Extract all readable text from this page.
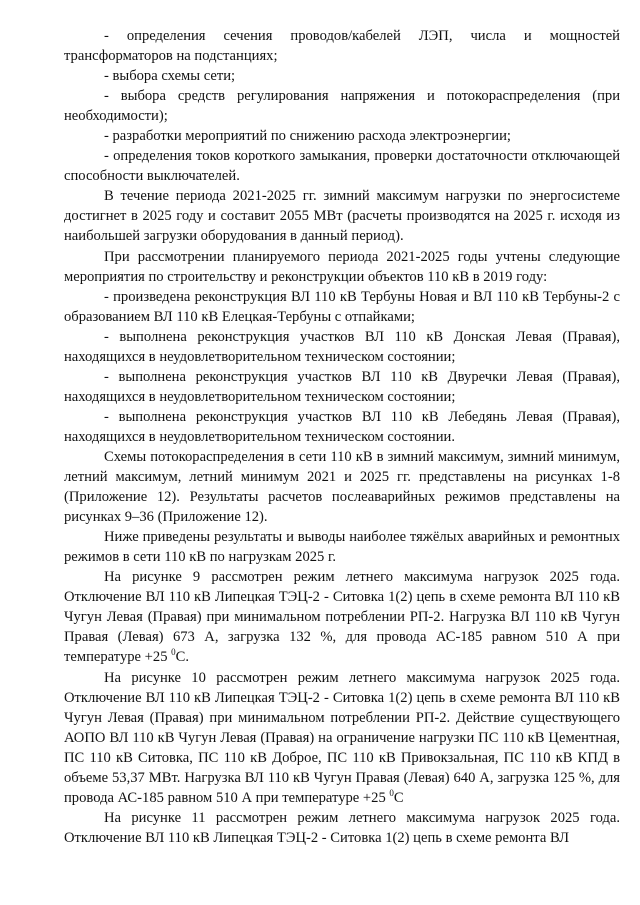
- определения сечения проводов/кабелей ЛЭП, числа и мощностей трансформаторов на подстанциях;

- выбора схемы сети;

- выбора средств регулирования напряжения и потокораспределения (при необходимости);

- разработки мероприятий по снижению расхода электроэнергии;

- определения токов короткого замыкания, проверки достаточности отключающей способности выключателей.

В течение периода 2021-2025 гг. зимний максимум нагрузки по энергосистеме достигнет в 2025 году и составит 2055 МВт (расчеты производятся на 2025 г. исходя из наибольшей загрузки оборудования в данный период).

При рассмотрении планируемого периода 2021-2025 годы учтены следующие мероприятия по строительству и реконструкции объектов 110 кВ в 2019 году:

- произведена реконструкция ВЛ 110 кВ Тербуны Новая и ВЛ 110 кВ Тербуны-2 с образованием ВЛ 110 кВ Елецкая-Тербуны с отпайками;

- выполнена реконструкция участков ВЛ 110 кВ Донская Левая (Правая), находящихся в неудовлетворительном техническом состоянии;

- выполнена реконструкция участков ВЛ 110 кВ Двуречки Левая (Правая), находящихся в неудовлетворительном техническом состоянии;

- выполнена реконструкция участков ВЛ 110 кВ Лебедянь Левая (Правая), находящихся в неудовлетворительном техническом состоянии.

Схемы потокораспределения в сети 110 кВ в зимний максимум, зимний минимум, летний максимум, летний минимум 2021 и 2025 гг. представлены на рисунках 1-8 (Приложение 12). Результаты расчетов послеаварийных режимов представлены на рисунках 9–36 (Приложение 12).

Ниже приведены результаты и выводы наиболее тяжёлых аварийных и ремонтных режимов в сети 110 кВ по нагрузкам 2025 г.

На рисунке 9 рассмотрен режим летнего максимума нагрузок 2025 года. Отключение ВЛ 110 кВ Липецкая ТЭЦ-2 - Ситовка 1(2) цепь в схеме ремонта ВЛ 110 кВ Чугун Левая (Правая) при минимальном потреблении РП-2. Нагрузка ВЛ 110 кВ Чугун Правая (Левая) 673 А, загрузка 132 %, для провода АС-185 равном 510 А при температуре +25 $^0$С.

На рисунке 10 рассмотрен режим летнего максимума нагрузок 2025 года. Отключение ВЛ 110 кВ Липецкая ТЭЦ-2 - Ситовка 1(2) цепь в схеме ремонта ВЛ 110 кВ Чугун Левая (Правая) при минимальном потреблении РП-2. Действие существующего АОПО ВЛ 110 кВ Чугун Левая (Правая) на ограничение нагрузки ПС 110 кВ Цементная, ПС 110 кВ Ситовка, ПС 110 кВ Доброе, ПС 110 кВ Привокзальная, ПС 110 кВ КПД в объеме 53,37 МВт. Нагрузка ВЛ 110 кВ Чугун Правая (Левая) 640 А, загрузка 125 %, для провода АС-185 равном 510 А при температуре +25 $^0$С

На рисунке 11 рассмотрен режим летнего максимума нагрузок 2025 года. Отключение ВЛ 110 кВ Липецкая ТЭЦ-2 - Ситовка 1(2) цепь в схеме ремонта ВЛ
